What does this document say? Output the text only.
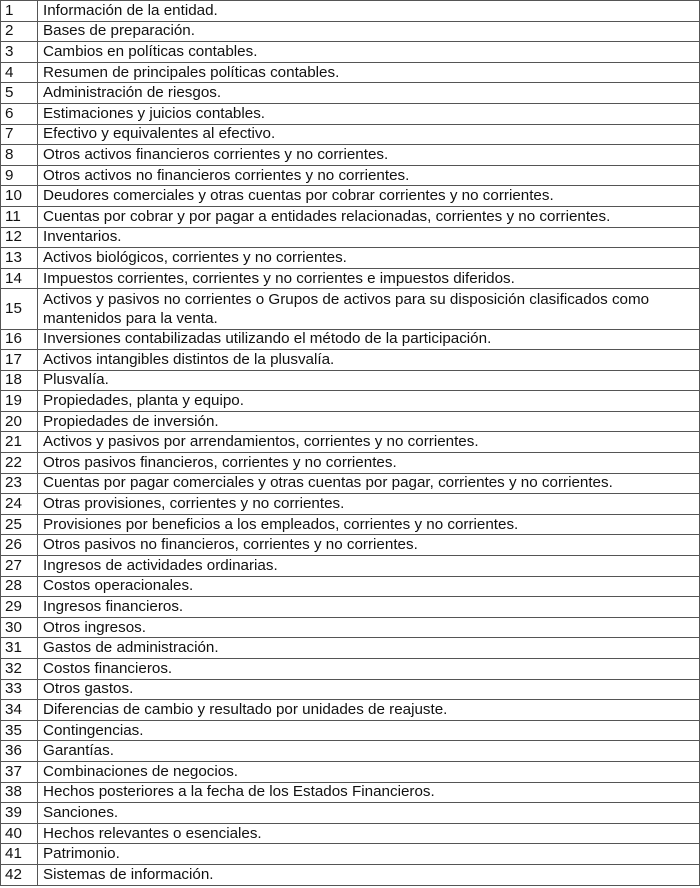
1	Información de la entidad.
2	Bases de preparación.
3	Cambios en políticas contables.
4	Resumen de principales políticas contables.
5	Administración de riesgos.
6	Estimaciones y juicios contables.
7	Efectivo y equivalentes al efectivo.
8	Otros activos financieros corrientes y no corrientes.
9	Otros activos no financieros corrientes y no corrientes.
10	Deudores comerciales y otras cuentas por cobrar corrientes y no corrientes.
11	Cuentas por cobrar y por pagar a entidades relacionadas, corrientes y no corrientes.
12	Inventarios.
13	Activos biológicos, corrientes y no corrientes.
14	Impuestos corrientes, corrientes y no corrientes e impuestos diferidos.
15	Activos y pasivos no corrientes o Grupos de activos para su disposición clasificados como mantenidos para la venta.
16	Inversiones contabilizadas utilizando el método de la participación.
17	Activos intangibles distintos de la plusvalía.
18	Plusvalía.
19	Propiedades, planta y equipo.
20	Propiedades de inversión.
21	Activos y pasivos por arrendamientos, corrientes y no corrientes.
22	Otros pasivos financieros, corrientes y no corrientes.
23	Cuentas por pagar comerciales y otras cuentas por pagar, corrientes y no corrientes.
24	Otras provisiones, corrientes y no corrientes.
25	Provisiones por beneficios a los empleados, corrientes y no corrientes.
26	Otros pasivos no financieros, corrientes y no corrientes.
27	Ingresos de actividades ordinarias.
28	Costos operacionales.
29	Ingresos financieros.
30	Otros ingresos.
31	Gastos de administración.
32	Costos financieros.
33	Otros gastos.
34	Diferencias de cambio y resultado por unidades de reajuste.
35	Contingencias.
36	Garantías.
37	Combinaciones de negocios.
38	Hechos posteriores a la fecha de los Estados Financieros.
39	Sanciones.
40	Hechos relevantes o esenciales.
41	Patrimonio.
42	Sistemas de información.
